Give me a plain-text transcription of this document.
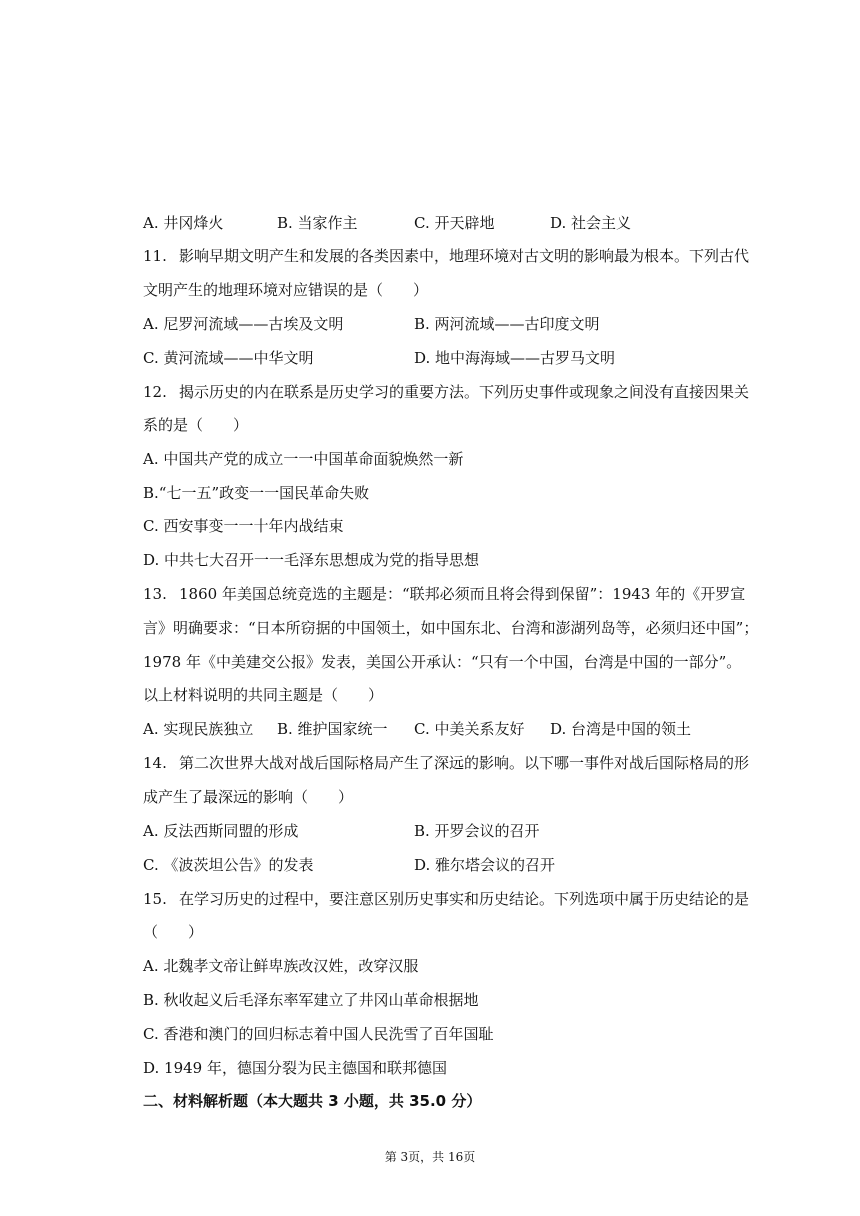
A. 井冈烽火	B. 当家作主	C. 开天辟地	D. 社会主义
11. 影响早期文明产生和发展的各类因素中，地理环境对古文明的影响最为根本。下列古代
文明产生的地理环境对应错误的是（　　）
A. 尼罗河流域——古埃及文明	B. 两河流域——古印度文明
C. 黄河流域——中华文明	D. 地中海海域——古罗马文明
12. 揭示历史的内在联系是历史学习的重要方法。下列历史事件或现象之间没有直接因果关
系的是（　　）
A. 中国共产党的成立一一中国革命面貌焕然一新
B.“七一五”政变一一国民革命失败
C. 西安事变一一十年内战结束
D. 中共七大召开一一毛泽东思想成为党的指导思想
13. 1860 年美国总统竞选的主题是：“联邦必须而且将会得到保留”：1943 年的《开罗宣
言》明确要求：“日本所窃据的中国领土，如中国东北、台湾和澎湖列岛等，必须归还中国”；
1978 年《中美建交公报》发表，美国公开承认：“只有一个中国，台湾是中国的一部分”。
以上材料说明的共同主题是（　　）
A. 实现民族独立 B. 维护国家统一 C. 中美关系友好 D. 台湾是中国的领土
14. 第二次世界大战对战后国际格局产生了深远的影响。以下哪一事件对战后国际格局的形
成产生了最深远的影响（　　）
A. 反法西斯同盟的形成	B. 开罗会议的召开
C. 《波茨坦公告》的发表	D. 雅尔塔会议的召开
15. 在学习历史的过程中，要注意区别历史事实和历史结论。下列选项中属于历史结论的是
（　　）
A. 北魏孝文帝让鲜卑族改汉姓，改穿汉服
B. 秋收起义后毛泽东率军建立了井冈山革命根据地
C. 香港和澳门的回归标志着中国人民洗雪了百年国耻
D. 1949 年，德国分裂为民主德国和联邦德国
二、材料解析题（本大题共 3 小题，共 35.0 分）
第 3页，共 16页
